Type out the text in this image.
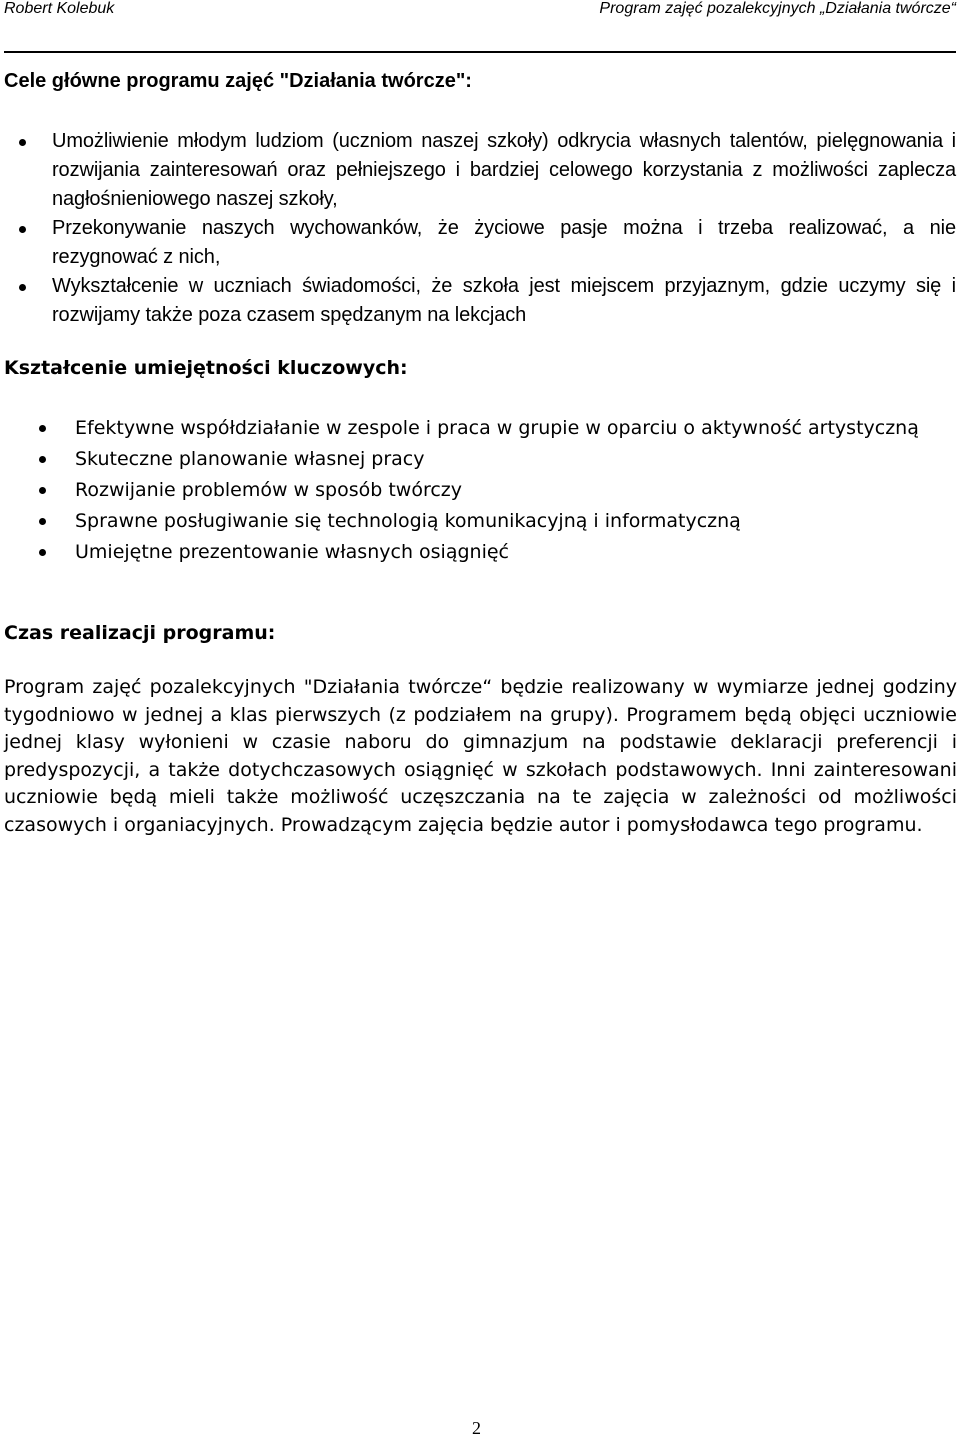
Robert Kolebuk	Program zajęć pozalekcyjnych „Działania twórcze“
Cele główne programu zajęć "Działania twórcze":
Umożliwienie młodym ludziom (uczniom naszej szkoły) odkrycia własnych talentów, pielęgnowania i rozwijania zainteresowań oraz pełniejszego i bardziej celowego korzystania z możliwości zaplecza nagłośnieniowego naszej szkoły,
Przekonywanie naszych wychowanków, że życiowe pasje można i trzeba realizować, a nie rezygnować z nich,
Wykształcenie w uczniach świadomości, że szkoła jest miejscem przyjaznym, gdzie uczymy się i rozwijamy także poza czasem spędzanym na lekcjach
Kształcenie umiejętności kluczowych:
Efektywne współdziałanie w zespole i praca w grupie w oparciu o aktywność artystyczną
Skuteczne planowanie własnej pracy
Rozwijanie problemów w sposób twórczy
Sprawne posługiwanie się technologią komunikacyjną i informatyczną
Umiejętne prezentowanie własnych osiągnięć
Czas realizacji programu:
Program zajęć pozalekcyjnych "Działania twórcze“ będzie realizowany w wymiarze jednej godziny tygodniowo w jednej a klas pierwszych (z podziałem na grupy). Programem będą objęci uczniowie jednej klasy wyłonieni w czasie naboru do gimnazjum na podstawie deklaracji preferencji i predyspozycji, a także dotychczasowych osiągnięć w szkołach podstawowych. Inni zainteresowani uczniowie będą mieli także możliwość uczęszczania na te zajęcia w zależności od możliwości czasowych i organiacyjnych. Prowadzącym zajęcia będzie autor i pomysłodawca tego programu.
2
